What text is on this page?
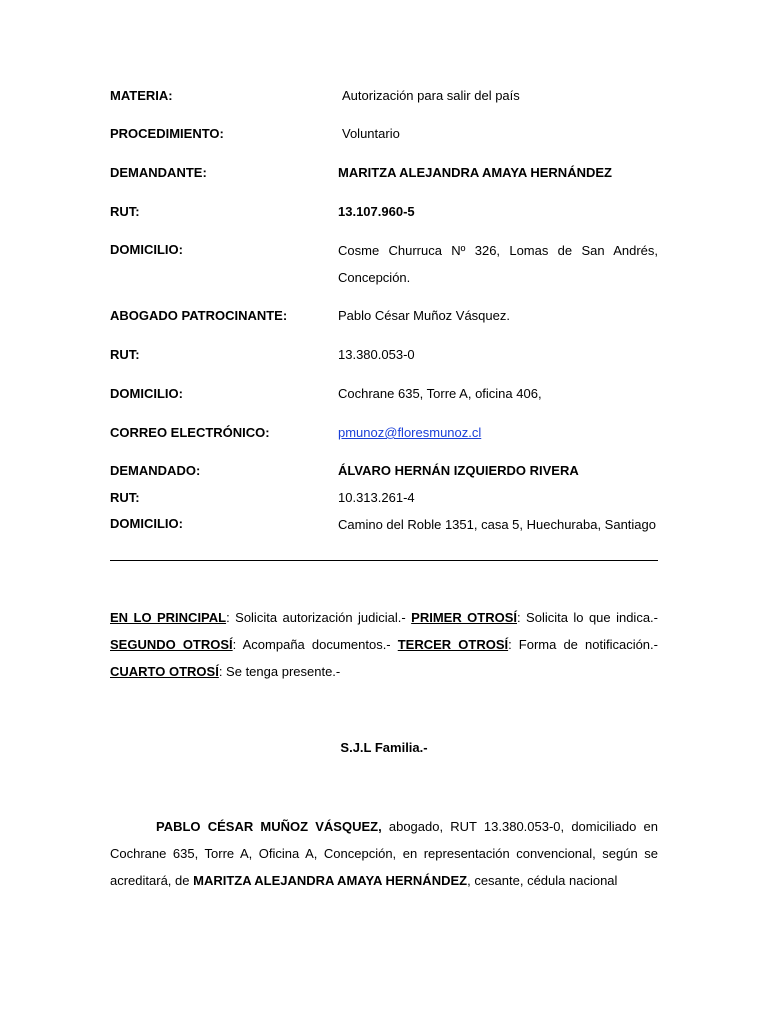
MATERIA:	Autorización para salir del país
PROCEDIMIENTO:	Voluntario
DEMANDANTE:	MARITZA ALEJANDRA AMAYA HERNÁNDEZ
RUT:	13.107.960-5
DOMICILIO:	Cosme Churruca Nº 326, Lomas de San Andrés, Concepción.
ABOGADO PATROCINANTE:	Pablo César Muñoz Vásquez.
RUT:	13.380.053-0
DOMICILIO:	Cochrane 635, Torre A, oficina 406,
CORREO ELECTRÓNICO:	pmunoz@floresmunoz.cl
DEMANDADO:	ÁLVARO HERNÁN IZQUIERDO RIVERA
RUT:	10.313.261-4
DOMICILIO:	Camino del Roble 1351, casa 5, Huechuraba, Santiago
EN LO PRINCIPAL: Solicita autorización judicial.- PRIMER OTROSÍ: Solicita lo que indica.- SEGUNDO OTROSÍ: Acompaña documentos.- TERCER OTROSÍ: Forma de notificación.- CUARTO OTROSÍ: Se tenga presente.-
S.J.L Familia.-
PABLO CÉSAR MUÑOZ VÁSQUEZ, abogado, RUT 13.380.053-0, domiciliado en Cochrane 635, Torre A, Oficina A, Concepción, en representación convencional, según se acreditará, de MARITZA ALEJANDRA AMAYA HERNÁNDEZ, cesante, cédula nacional
